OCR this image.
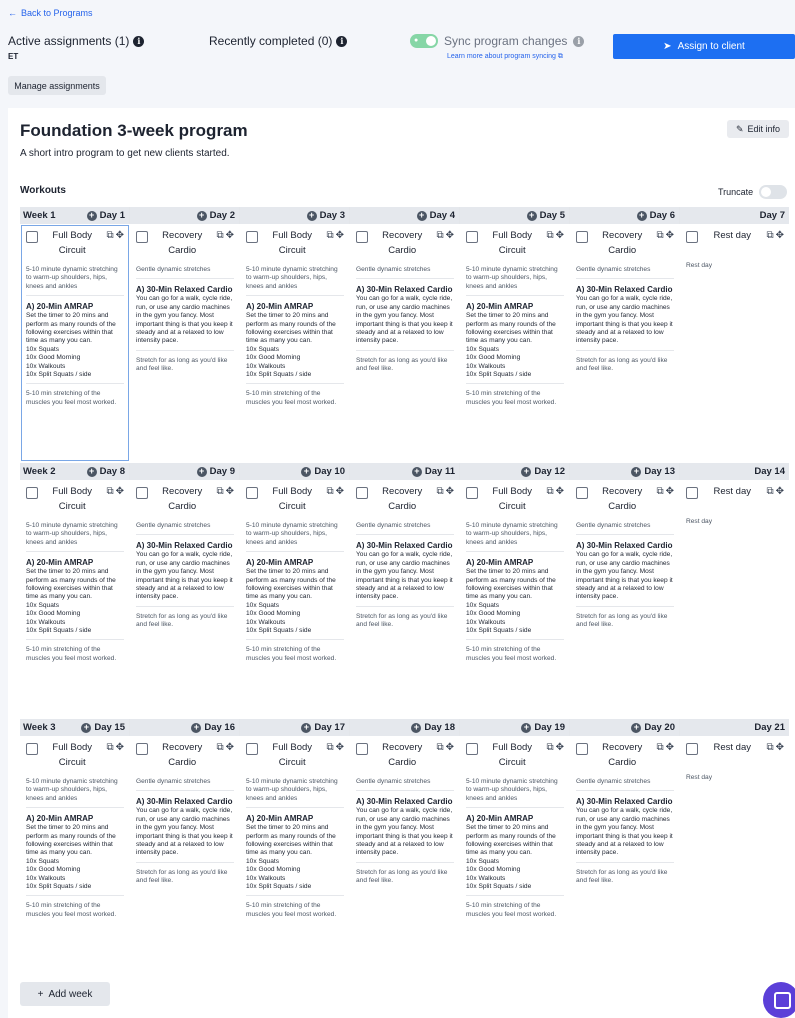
← Back to Programs
Active assignments (1) i	Recently completed (0) i
ET
Manage assignments
● Sync program changes	i
Learn more about program syncing ⧉
➤ Assign to client
Foundation 3-week program
A short intro program to get new clients started.
✎ Edit info
Workouts	Truncate
Week 1	+ Day 1
Full Body Circuit
⧉ ✥
5-10 minute dynamic stretching to warm-up shoulders, hips, knees and ankles
A) 20-Min AMRAP
Set the timer to 20 mins and perform as many rounds of the following exercises within that time as many you can.
10x Squats
10x Good Morning
10x Walkouts
10x Split Squats / side
5-10 min stretching of the muscles you feel most worked.
+ Day 2
Recovery Cardio
⧉ ✥
Gentle dynamic stretches
A) 30-Min Relaxed Cardio
You can go for a walk, cycle ride, run, or use any cardio machines in the gym you fancy. Most important thing is that you keep it steady and at a relaxed to low intensity pace.
Stretch for as long as you'd like and feel like.
+ Day 3
Full Body Circuit
⧉ ✥
5-10 minute dynamic stretching to warm-up shoulders, hips, knees and ankles
A) 20-Min AMRAP
Set the timer to 20 mins and perform as many rounds of the following exercises within that time as many you can.
10x Squats
10x Good Morning
10x Walkouts
10x Split Squats / side
5-10 min stretching of the muscles you feel most worked.
+ Day 4
Recovery Cardio
⧉ ✥
Gentle dynamic stretches
A) 30-Min Relaxed Cardio
You can go for a walk, cycle ride, run, or use any cardio machines in the gym you fancy. Most important thing is that you keep it steady and at a relaxed to low intensity pace.
Stretch for as long as you'd like and feel like.
+ Day 5
Full Body Circuit
⧉ ✥
5-10 minute dynamic stretching to warm-up shoulders, hips, knees and ankles
A) 20-Min AMRAP
Set the timer to 20 mins and perform as many rounds of the following exercises within that time as many you can.
10x Squats
10x Good Morning
10x Walkouts
10x Split Squats / side
5-10 min stretching of the muscles you feel most worked.
+ Day 6
Recovery Cardio
⧉ ✥
Gentle dynamic stretches
A) 30-Min Relaxed Cardio
You can go for a walk, cycle ride, run, or use any cardio machines in the gym you fancy. Most important thing is that you keep it steady and at a relaxed to low intensity pace.
Stretch for as long as you'd like and feel like.
Day 7
Rest day	⧉ ✥
Rest day
Week 2	+ Day 8
Full Body Circuit
⧉ ✥
5-10 minute dynamic stretching to warm-up shoulders, hips, knees and ankles
A) 20-Min AMRAP
Set the timer to 20 mins and perform as many rounds of the following exercises within that time as many you can.
10x Squats
10x Good Morning
10x Walkouts
10x Split Squats / side
5-10 min stretching of the muscles you feel most worked.
+ Day 9
Recovery Cardio
⧉ ✥
Gentle dynamic stretches
A) 30-Min Relaxed Cardio
You can go for a walk, cycle ride, run, or use any cardio machines in the gym you fancy. Most important thing is that you keep it steady and at a relaxed to low intensity pace.
Stretch for as long as you'd like and feel like.
+ Day 10
Full Body Circuit
⧉ ✥
5-10 minute dynamic stretching to warm-up shoulders, hips, knees and ankles
A) 20-Min AMRAP
Set the timer to 20 mins and perform as many rounds of the following exercises within that time as many you can.
10x Squats
10x Good Morning
10x Walkouts
10x Split Squats / side
5-10 min stretching of the muscles you feel most worked.
+ Day 11
Recovery Cardio
⧉ ✥
Gentle dynamic stretches
A) 30-Min Relaxed Cardio
You can go for a walk, cycle ride, run, or use any cardio machines in the gym you fancy. Most important thing is that you keep it steady and at a relaxed to low intensity pace.
Stretch for as long as you'd like and feel like.
+ Day 12
Full Body Circuit
⧉ ✥
5-10 minute dynamic stretching to warm-up shoulders, hips, knees and ankles
A) 20-Min AMRAP
Set the timer to 20 mins and perform as many rounds of the following exercises within that time as many you can.
10x Squats
10x Good Morning
10x Walkouts
10x Split Squats / side
5-10 min stretching of the muscles you feel most worked.
+ Day 13
Recovery Cardio
⧉ ✥
Gentle dynamic stretches
A) 30-Min Relaxed Cardio
You can go for a walk, cycle ride, run, or use any cardio machines in the gym you fancy. Most important thing is that you keep it steady and at a relaxed to low intensity pace.
Stretch for as long as you'd like and feel like.
Day 14
Rest day	⧉ ✥
Rest day
Week 3	+ Day 15
Full Body Circuit
⧉ ✥
5-10 minute dynamic stretching to warm-up shoulders, hips, knees and ankles
A) 20-Min AMRAP
Set the timer to 20 mins and perform as many rounds of the following exercises within that time as many you can.
10x Squats
10x Good Morning
10x Walkouts
10x Split Squats / side
5-10 min stretching of the muscles you feel most worked.
+ Day 16
Recovery Cardio
⧉ ✥
Gentle dynamic stretches
A) 30-Min Relaxed Cardio
You can go for a walk, cycle ride, run, or use any cardio machines in the gym you fancy. Most important thing is that you keep it steady and at a relaxed to low intensity pace.
Stretch for as long as you'd like and feel like.
+ Day 17
Full Body Circuit
⧉ ✥
5-10 minute dynamic stretching to warm-up shoulders, hips, knees and ankles
A) 20-Min AMRAP
Set the timer to 20 mins and perform as many rounds of the following exercises within that time as many you can.
10x Squats
10x Good Morning
10x Walkouts
10x Split Squats / side
5-10 min stretching of the muscles you feel most worked.
+ Day 18
Recovery Cardio
⧉ ✥
Gentle dynamic stretches
A) 30-Min Relaxed Cardio
You can go for a walk, cycle ride, run, or use any cardio machines in the gym you fancy. Most important thing is that you keep it steady and at a relaxed to low intensity pace.
Stretch for as long as you'd like and feel like.
+ Day 19
Full Body Circuit
⧉ ✥
5-10 minute dynamic stretching to warm-up shoulders, hips, knees and ankles
A) 20-Min AMRAP
Set the timer to 20 mins and perform as many rounds of the following exercises within that time as many you can.
10x Squats
10x Good Morning
10x Walkouts
10x Split Squats / side
5-10 min stretching of the muscles you feel most worked.
+ Day 20
Recovery Cardio
⧉ ✥
Gentle dynamic stretches
A) 30-Min Relaxed Cardio
You can go for a walk, cycle ride, run, or use any cardio machines in the gym you fancy. Most important thing is that you keep it steady and at a relaxed to low intensity pace.
Stretch for as long as you'd like and feel like.
Day 21
Rest day	⧉ ✥
Rest day
+ Add week
